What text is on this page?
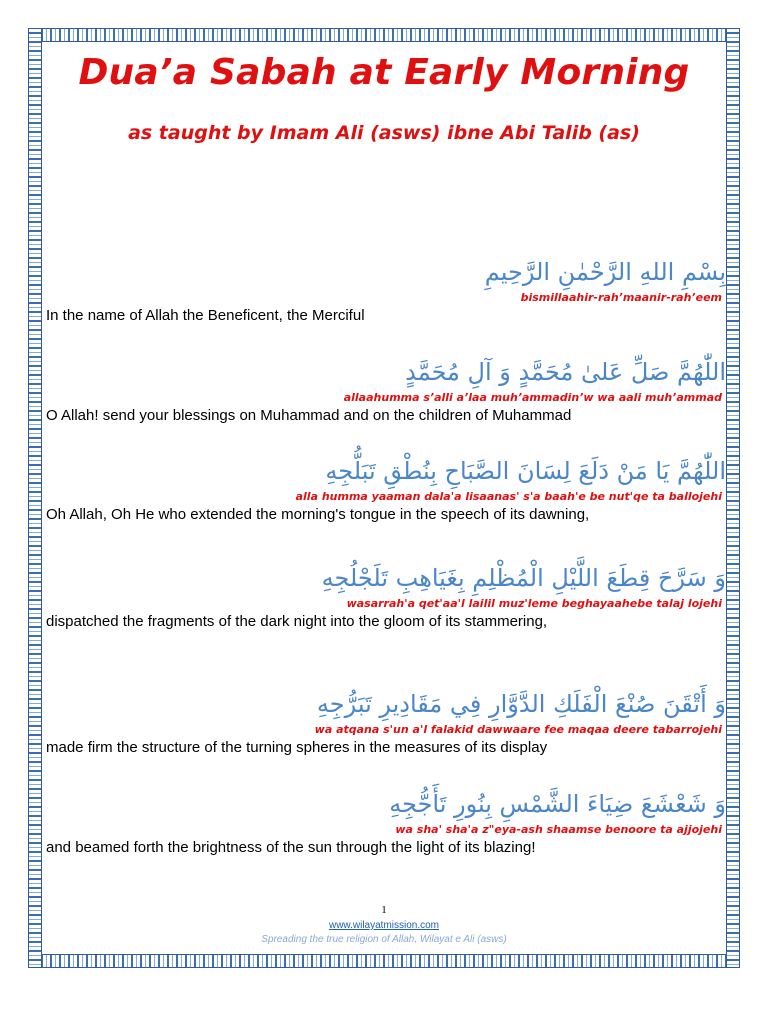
Dua’a Sabah at Early Morning
as taught by Imam Ali (asws) ibne Abi Talib (as)
بِسْمِ اللهِ الرَّحْمٰنِ الرَّحِيمِ
bismillaahir-rah’maanir-rah’eem
In the name of Allah the Beneficent, the Merciful
اللّٰهُمَّ صَلِّ عَلىٰ مُحَمَّدٍ وَ آلِ مُحَمَّدٍ
allaahumma s’alli a’laa muh’ammadin’w wa aali muh’ammad
O Allah! send your blessings on Muhammad and on the children of Muhammad
اللّٰهُمَّ يَا مَنْ دَلَعَ لِسَانَ الصَّبَاحِ بِنُطْقِ تَبَلُّجِهِ
alla humma yaaman dala'a lisaanas' s'a baah'e be nut'qe ta ballojehi
Oh Allah, Oh He who extended the morning's tongue in the speech of its dawning,
وَ سَرَّحَ قِطَعَ اللَّيْلِ الْمُظْلِمِ بِغَيَاهِبِ تَلَجْلُجِهِ
wasarrah'a qet'aa'l lailil muz'leme beghayaahebe talaj lojehi
dispatched the fragments of the dark night into the gloom of its stammering,
وَ أَتْقَنَ صُنْعَ الْفَلَكِ الدَّوَّارِ فِي مَقَادِيرِ تَبَرُّجِهِ
wa atqana s'un a'l falakid dawwaare fee maqaa deere tabarrojehi
made firm the structure of the turning spheres in the measures of its display
وَ شَعْشَعَ ضِيَاءَ الشَّمْسِ بِنُورِ تَأَجُّجِهِ
wa sha' sha'a z"eya-ash shaamse benoore ta ajjojehi
and beamed forth the brightness of the sun through the light of its blazing!
1
www.wilayatmission.com
Spreading the true religion of Allah, Wilayat e Ali (asws)
